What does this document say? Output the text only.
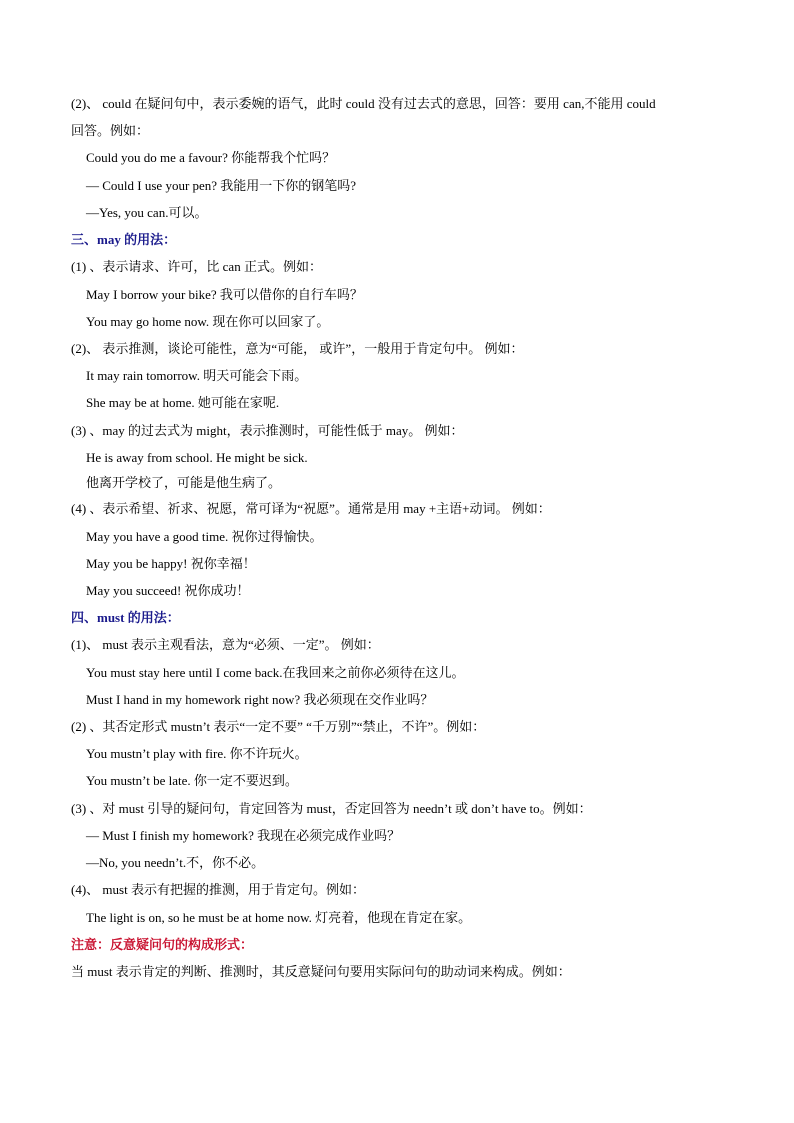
(2)、 could 在疑问句中，表示委婉的语气，此时 could 没有过去式的意思，回答：要用 can,不能用 could
回答。例如：
Could you do me a favour? 你能帮我个忙吗？
— Could I use your pen? 我能用一下你的钢笔吗?
—Yes, you can.可以。
三、may 的用法：
(1) 、表示请求、许可，比 can 正式。例如：
May I borrow your bike? 我可以借你的自行车吗？
You may go home now. 现在你可以回家了。
(2)、 表示推测，谈论可能性，意为“可能， 或许”，一般用于肯定句中。 例如：
It may rain tomorrow. 明天可能会下雨。
She may be at home. 她可能在家呢.
(3) 、may 的过去式为 might，表示推测时，可能性低于 may。 例如：
He is away from school. He might be sick.
他离开学校了，可能是他生病了。
(4) 、表示希望、祈求、祝愿，常可译为“祝愿”。通常是用 may +主语+动词。 例如：
May you have a good time. 祝你过得愉快。
May you be happy! 祝你幸福！
May you succeed! 祝你成功！
四、must 的用法：
(1)、 must 表示主观看法，意为“必须、一定”。 例如：
You must stay here until I come back.在我回来之前你必须待在这儿。
Must I hand in my homework right now? 我必须现在交作业吗？
(2) 、其否定形式 mustn’t 表示“一定不要” “千万别”“禁止，不许”。例如：
You mustn’t play with fire. 你不许玩火。
You mustn’t be late. 你一定不要迟到。
(3) 、对 must 引导的疑问句，肯定回答为 must，否定回答为 needn’t 或 don’t have to。例如：
— Must I finish my homework? 我现在必须完成作业吗？
—No, you needn’t.不，你不必。
(4)、 must 表示有把握的推测，用于肯定句。例如：
The light is on, so he must be at home now. 灯亮着，他现在肯定在家。
注意：反意疑问句的构成形式：
当 must 表示肯定的判断、推测时，其反意疑问句要用实际问句的助动词来构成。例如：
